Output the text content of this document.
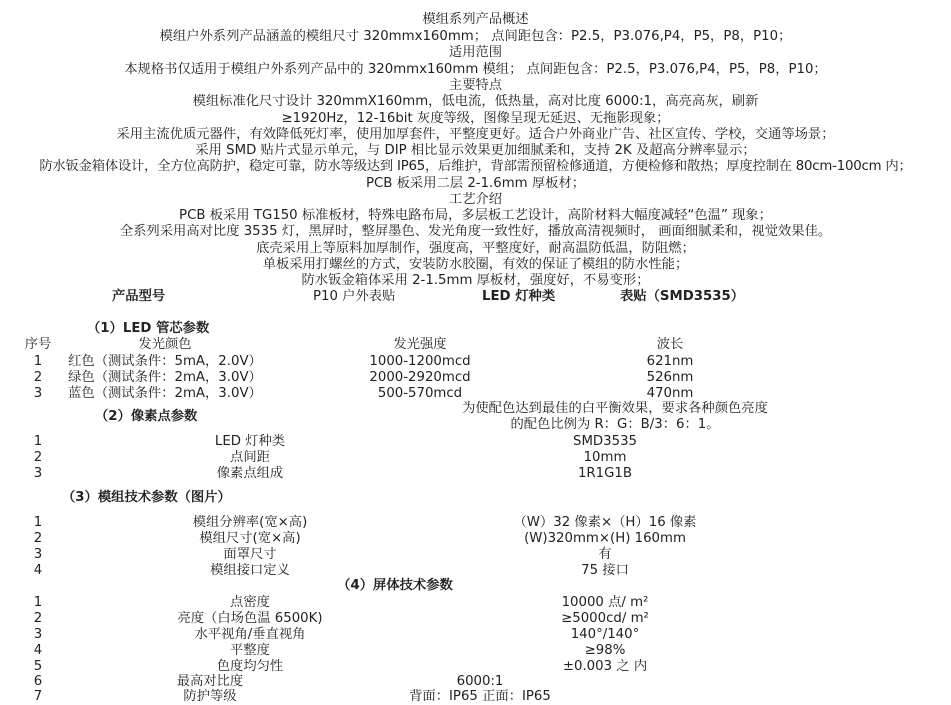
模组系列产品概述
模组户外系列产品涵盖的模组尺寸 320mmx160mm； 点间距包含：P2.5，P3.076,P4，P5，P8，P10；
适用范围
本规格书仅适用于模组户外系列产品中的 320mmx160mm 模组； 点间距包含：P2.5，P3.076,P4，P5，P8，P10；
主要特点
模组标准化尺寸设计 320mmX160mm，低电流，低热量，高对比度 6000:1，高亮高灰，刷新
≥1920Hz，12-16bit 灰度等级，图像呈现无延迟、无拖影现象；
采用主流优质元器件，有效降低死灯率，使用加厚套件，平整度更好。适合户外商业广告、社区宣传、学校，交通等场景；
采用 SMD 贴片式显示单元，与 DIP 相比显示效果更加细腻柔和，支持 2K 及超高分辨率显示；
防水钣金箱体设计，全方位高防护，稳定可靠，防水等级达到 IP65，后维护，背部需预留检修通道，方便检修和散热；厚度控制在 80cm-100cm 内；
PCB 板采用二层 2-1.6mm 厚板材；
工艺介绍
PCB 板采用 TG150 标准板材，特殊电路布局，多层板工艺设计，高阶材料大幅度减轻“色温” 现象；
全系列采用高对比度 3535 灯，黑屏时，整屏墨色、发光角度一致性好，播放高清视频时， 画面细腻柔和，视觉效果佳。
底壳采用上等原料加厚制作，强度高，平整度好，耐高温防低温，防阻燃；
单板采用打螺丝的方式，安装防水胶圈，有效的保证了模组的防水性能；
防水钣金箱体采用 2-1.5mm 厚板材，强度好，不易变形；
产品型号	P10 户外表贴	LED 灯种类	表贴（SMD3535）
（1）LED 管芯参数
序号	发光颜色	发光强度	波长
1	红色（测试条件：5mA，2.0V）	1000-1200mcd	621nm
2	绿色（测试条件：2mA，3.0V）	2000-2920mcd	526nm
3	蓝色（测试条件：2mA，3.0V）	500-570mcd	470nm
为使配色达到最佳的白平衡效果，要求各种颜色亮度
（2）像素点参数
的配色比例为 R：G：B/3：6：1。
1	LED 灯种类	SMD3535
2	点间距	10mm
3	像素点组成	1R1G1B
（3）模组技术参数（图片）
1	模组分辨率(宽×高)	（W）32 像素×（H）16 像素
2	模组尺寸(宽×高)	(W)320mm×(H) 160mm
3	面罩尺寸	有
4	模组接口定义	75 接口
（4）屏体技术参数
1	点密度	10000 点/ m²
2	亮度（白场色温 6500K)	≥5000cd/ m²
3	水平视角/垂直视角	140°/140°
4	平整度	≥98%
5	色度均匀性	±0.003 之 内
6	最高对比度	6000:1
7	防护等级	背面：IP65 正面：IP65
